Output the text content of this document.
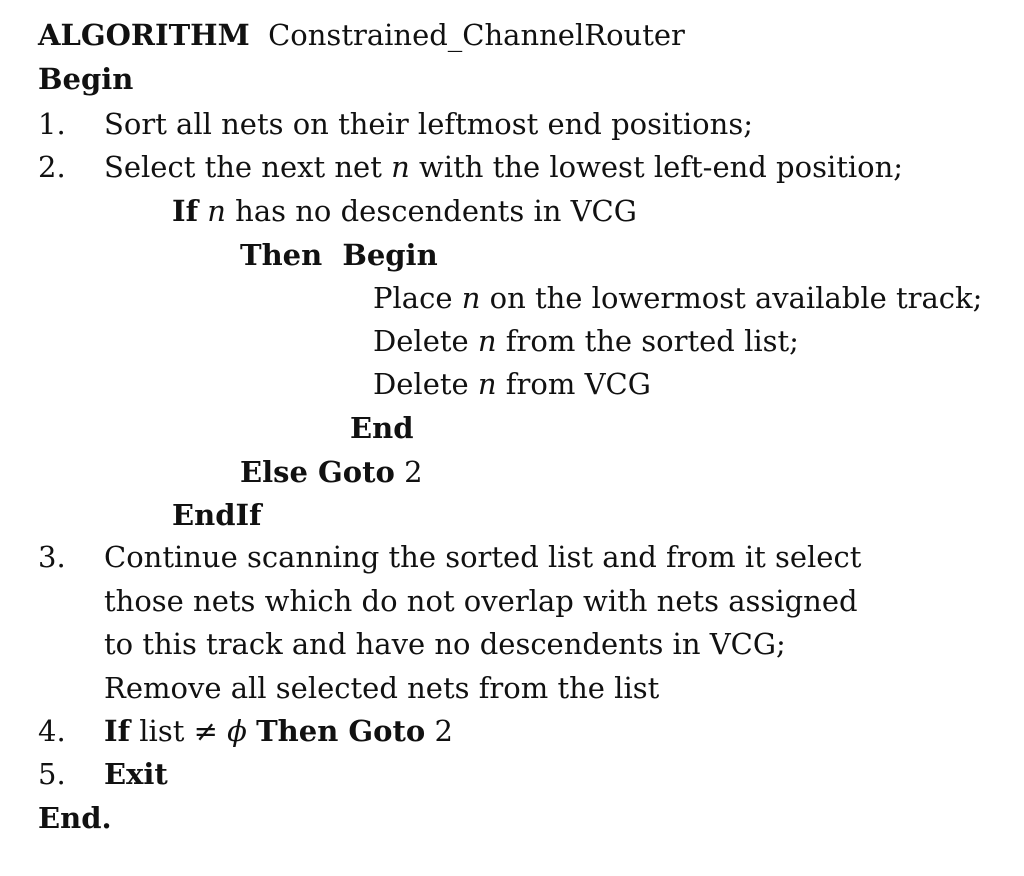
ALGORITHM Constrained_ChannelRouter
Begin
1. Sort all nets on their leftmost end positions;
2. Select the next net n with the lowest left-end position;
If n has no descendents in VCG
Then Begin
Place n on the lowermost available track;
Delete n from the sorted list;
Delete n from VCG
End
Else Goto 2
EndIf
3. Continue scanning the sorted list and from it select
those nets which do not overlap with nets assigned
to this track and have no descendents in VCG;
Remove all selected nets from the list
4. If list ≠ ϕ Then Goto 2
5. Exit
End.
